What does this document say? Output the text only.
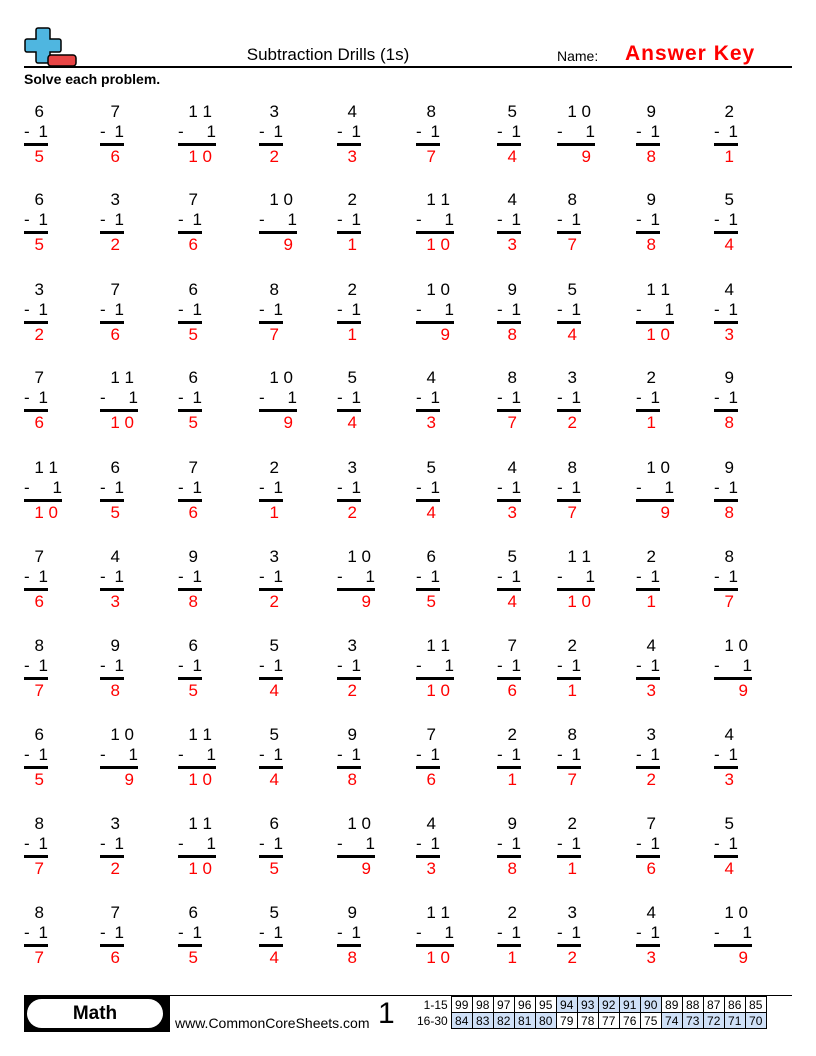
Subtraction Drills (1s)	Name: Answer Key
Solve each problem.
6
- 1
5
7
- 1
6
1 1
- 1
1 0
3
- 1
2
4
- 1
3
8
- 1
7
5
- 1
4
1 0
- 1
9
9
- 1
8
2
- 1
1
6
- 1
5
3
- 1
2
7
- 1
6
1 0
- 1
9
2
- 1
1
1 1
- 1
1 0
4
- 1
3
8
- 1
7
9
- 1
8
5
- 1
4
3
- 1
2
7
- 1
6
6
- 1
5
8
- 1
7
2
- 1
1
1 0
- 1
9
9
- 1
8
5
- 1
4
1 1
- 1
1 0
4
- 1
3
7
- 1
6
1 1
- 1
1 0
6
- 1
5
1 0
- 1
9
5
- 1
4
4
- 1
3
8
- 1
7
3
- 1
2
2
- 1
1
9
- 1
8
1 1
- 1
1 0
6
- 1
5
7
- 1
6
2
- 1
1
3
- 1
2
5
- 1
4
4
- 1
3
8
- 1
7
1 0
- 1
9
9
- 1
8
7
- 1
6
4
- 1
3
9
- 1
8
3
- 1
2
1 0
- 1
9
6
- 1
5
5
- 1
4
1 1
- 1
1 0
2
- 1
1
8
- 1
7
8
- 1
7
9
- 1
8
6
- 1
5
5
- 1
4
3
- 1
2
1 1
- 1
1 0
7
- 1
6
2
- 1
1
4
- 1
3
1 0
- 1
9
6
- 1
5
1 0
- 1
9
1 1
- 1
1 0
5
- 1
4
9
- 1
8
7
- 1
6
2
- 1
1
8
- 1
7
3
- 1
2
4
- 1
3
8
- 1
7
3
- 1
2
1 1
- 1
1 0
6
- 1
5
1 0
- 1
9
4
- 1
3
9
- 1
8
2
- 1
1
7
- 1
6
5
- 1
4
8
- 1
7
7
- 1
6
6
- 1
5
5
- 1
4
9
- 1
8
1 1
- 1
1 0
2
- 1
1
3
- 1
2
4
- 1
3
1 0
- 1
9
Math	www.CommonCoreSheets.com 1 1-15	99	98	97	96	95	94	93	92	91	90	89	88	87	86	85
16-30	84	83	82	81	80	79	78	77	76	75	74	73	72	71	70
